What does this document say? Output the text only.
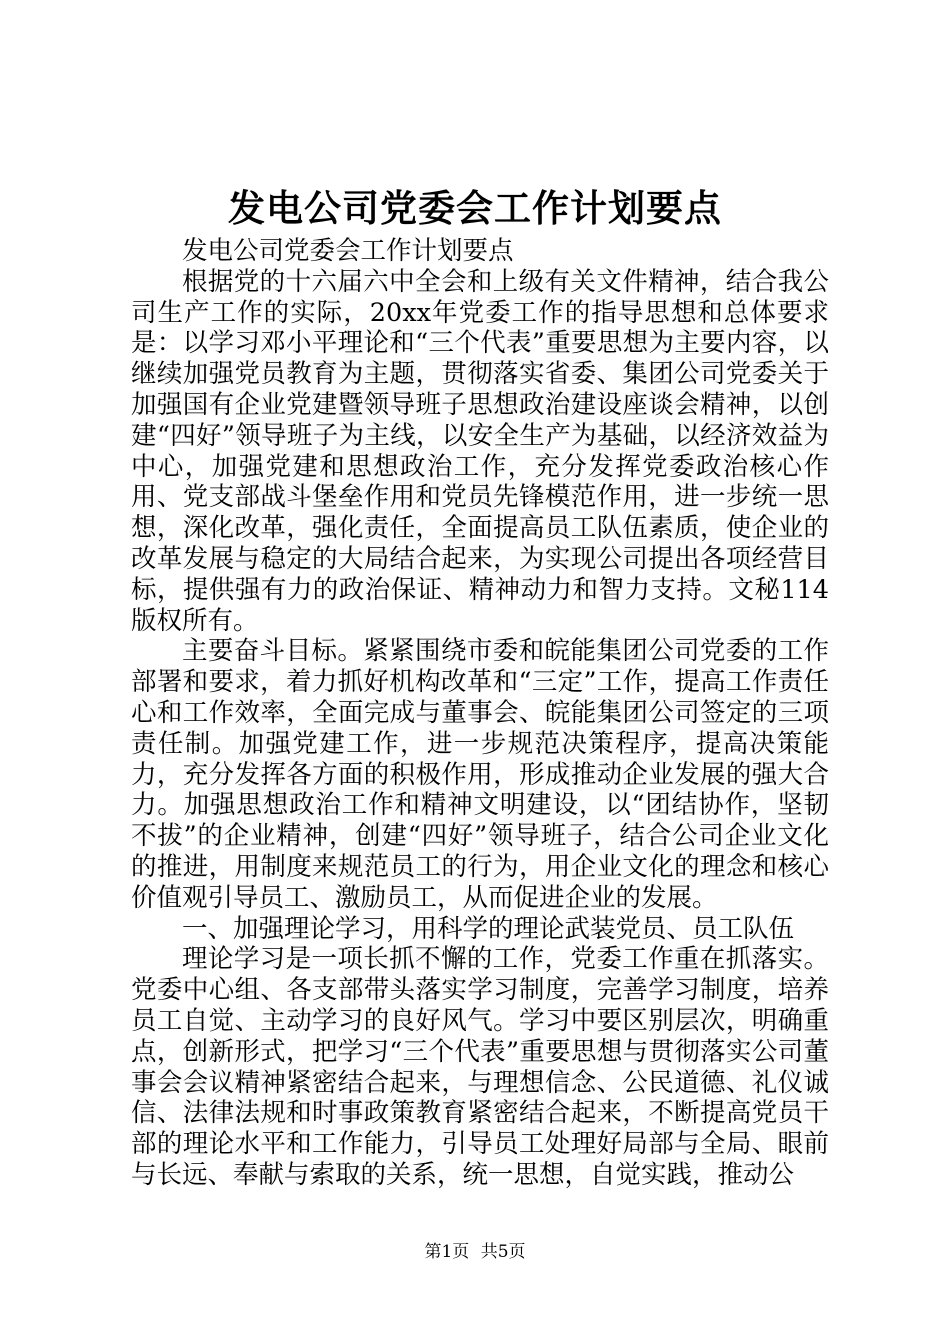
发电公司党委会工作计划要点

发电公司党委会工作计划要点

根据党的十六届六中全会和上级有关文件精神，结合我公司生产工作的实际，20xx年党委工作的指导思想和总体要求是：以学习邓小平理论和“三个代表”重要思想为主要内容，以继续加强党员教育为主题，贯彻落实省委、集团公司党委关于加强国有企业党建暨领导班子思想政治建设座谈会精神，以创建“四好”领导班子为主线，以安全生产为基础，以经济效益为中心，加强党建和思想政治工作，充分发挥党委政治核心作用、党支部战斗堡垒作用和党员先锋模范作用，进一步统一思想，深化改革，强化责任，全面提高员工队伍素质，使企业的改革发展与稳定的大局结合起来，为实现公司提出各项经营目标，提供强有力的政治保证、精神动力和智力支持。文秘114版权所有。

主要奋斗目标。紧紧围绕市委和皖能集团公司党委的工作部署和要求，着力抓好机构改革和“三定”工作，提高工作责任心和工作效率，全面完成与董事会、皖能集团公司签定的三项责任制。加强党建工作，进一步规范决策程序，提高决策能力，充分发挥各方面的积极作用，形成推动企业发展的强大合力。加强思想政治工作和精神文明建设，以“团结协作，坚韧不拔”的企业精神，创建“四好”领导班子，结合公司企业文化的推进，用制度来规范员工的行为，用企业文化的理念和核心价值观引导员工、激励员工，从而促进企业的发展。

一、加强理论学习，用科学的理论武装党员、员工队伍

理论学习是一项长抓不懈的工作，党委工作重在抓落实。党委中心组、各支部带头落实学习制度，完善学习制度，培养员工自觉、主动学习的良好风气。学习中要区别层次，明确重点，创新形式，把学习“三个代表”重要思想与贯彻落实公司董事会会议精神紧密结合起来，与理想信念、公民道德、礼仪诚信、法律法规和时事政策教育紧密结合起来，不断提高党员干部的理论水平和工作能力，引导员工处理好局部与全局、眼前与长远、奉献与索取的关系，统一思想，自觉实践，推动公

第1页 共5页
